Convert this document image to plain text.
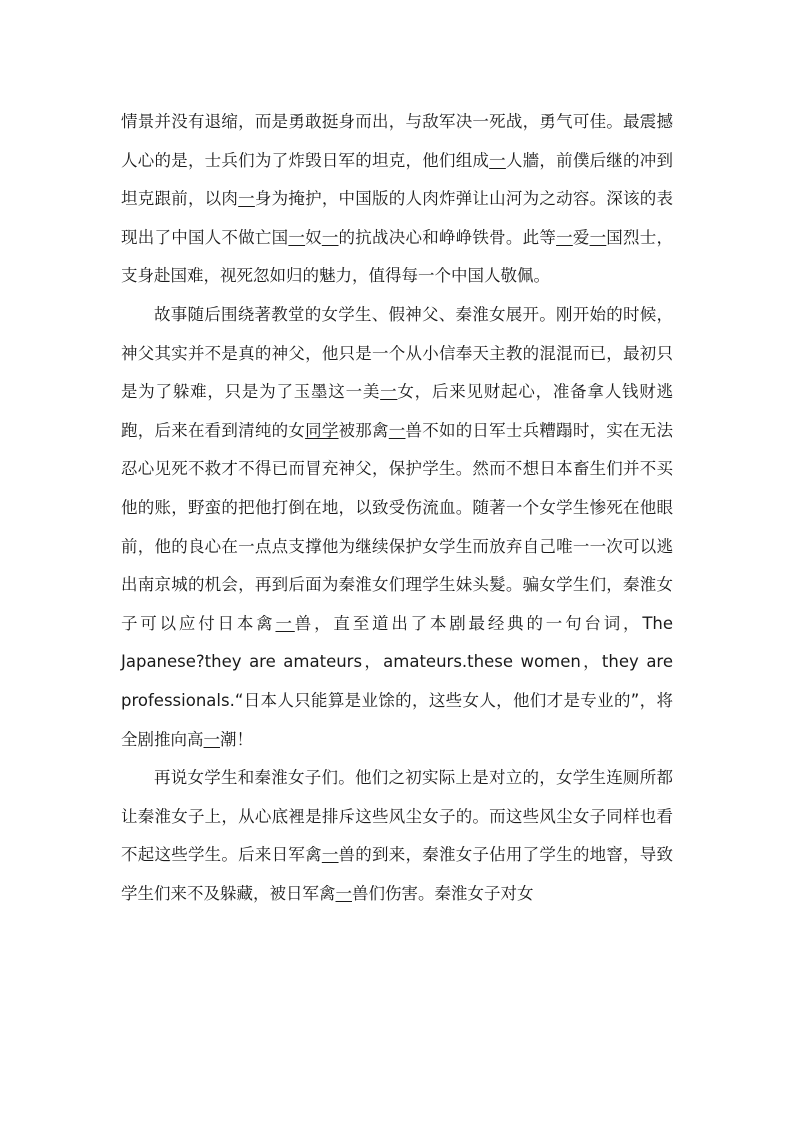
情景并没有退缩，而是勇敢挺身而出，与敌军决一死战，勇气可佳。最震撼人心的是，士兵们为了炸毁日军的坦克，他们组成一人牆，前僕后继的冲到坦克跟前，以肉一身为掩护，中国版的人肉炸弹让山河为之动容。深该的表现出了中国人不做亡国一奴一的抗战决心和峥峥铁骨。此等一爱一国烈士，支身赴国难，视死忽如归的魅力，值得每一个中国人敬佩。

故事随后围绕著教堂的女学生、假神父、秦淮女展开。刚开始的时候，神父其实并不是真的神父，他只是一个从小信奉天主教的混混而已，最初只是为了躲难，只是为了玉墨这一美一女，后来见财起心，准备拿人钱财逃跑，后来在看到清纯的女同学被那禽一兽不如的日军士兵糟蹋时，实在无法忍心见死不救才不得已而冒充神父，保护学生。然而不想日本畜生们并不买他的账，野蛮的把他打倒在地，以致受伤流血。随著一个女学生惨死在他眼前，他的良心在一点点支撑他为继续保护女学生而放弃自己唯一一次可以逃出南京城的机会，再到后面为秦淮女们理学生妹头髮。骗女学生们，秦淮女子可以应付日本禽一兽，直至道出了本剧最经典的一句台词，The Japanese?they are amateurs，amateurs.these women，they are professionals.“日本人只能算是业馀的，这些女人，他们才是专业的”，将全剧推向高一潮！

再说女学生和秦淮女子们。他们之初实际上是对立的，女学生连厕所都让秦淮女子上，从心底裡是排斥这些风尘女子的。而这些风尘女子同样也看不起这些学生。后来日军禽一兽的到来，秦淮女子佔用了学生的地窨，导致学生们来不及躲藏，被日军禽一兽们伤害。秦淮女子对女
